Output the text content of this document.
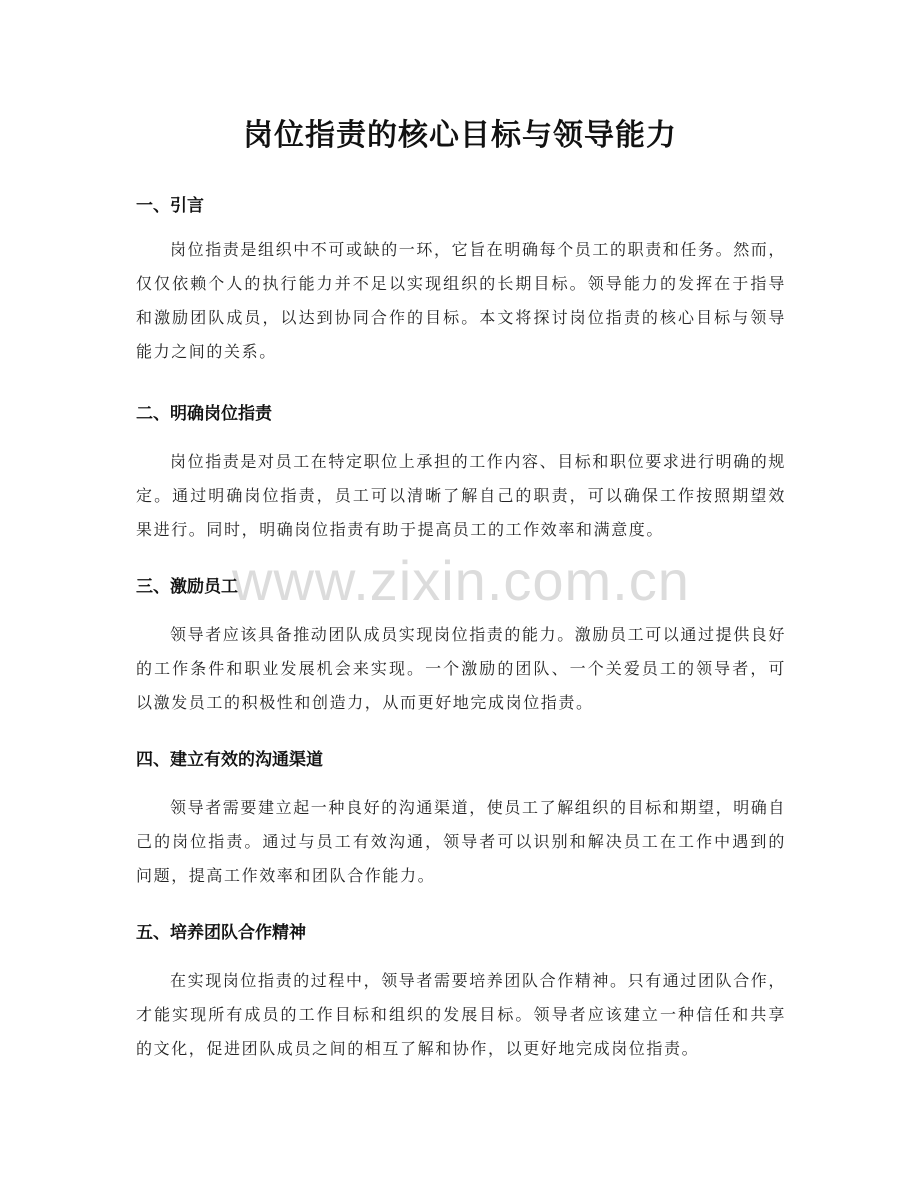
www.zixin.com.cn
岗位指责的核心目标与领导能力
一、引言
岗位指责是组织中不可或缺的一环，它旨在明确每个员工的职责和任务。然而，仅仅依赖个人的执行能力并不足以实现组织的长期目标。领导能力的发挥在于指导和激励团队成员，以达到协同合作的目标。本文将探讨岗位指责的核心目标与领导能力之间的关系。
二、明确岗位指责
岗位指责是对员工在特定职位上承担的工作内容、目标和职位要求进行明确的规定。通过明确岗位指责，员工可以清晰了解自己的职责，可以确保工作按照期望效果进行。同时，明确岗位指责有助于提高员工的工作效率和满意度。
三、激励员工
领导者应该具备推动团队成员实现岗位指责的能力。激励员工可以通过提供良好的工作条件和职业发展机会来实现。一个激励的团队、一个关爱员工的领导者，可以激发员工的积极性和创造力，从而更好地完成岗位指责。
四、建立有效的沟通渠道
领导者需要建立起一种良好的沟通渠道，使员工了解组织的目标和期望，明确自己的岗位指责。通过与员工有效沟通，领导者可以识别和解决员工在工作中遇到的问题，提高工作效率和团队合作能力。
五、培养团队合作精神
在实现岗位指责的过程中，领导者需要培养团队合作精神。只有通过团队合作，才能实现所有成员的工作目标和组织的发展目标。领导者应该建立一种信任和共享的文化，促进团队成员之间的相互了解和协作，以更好地完成岗位指责。
